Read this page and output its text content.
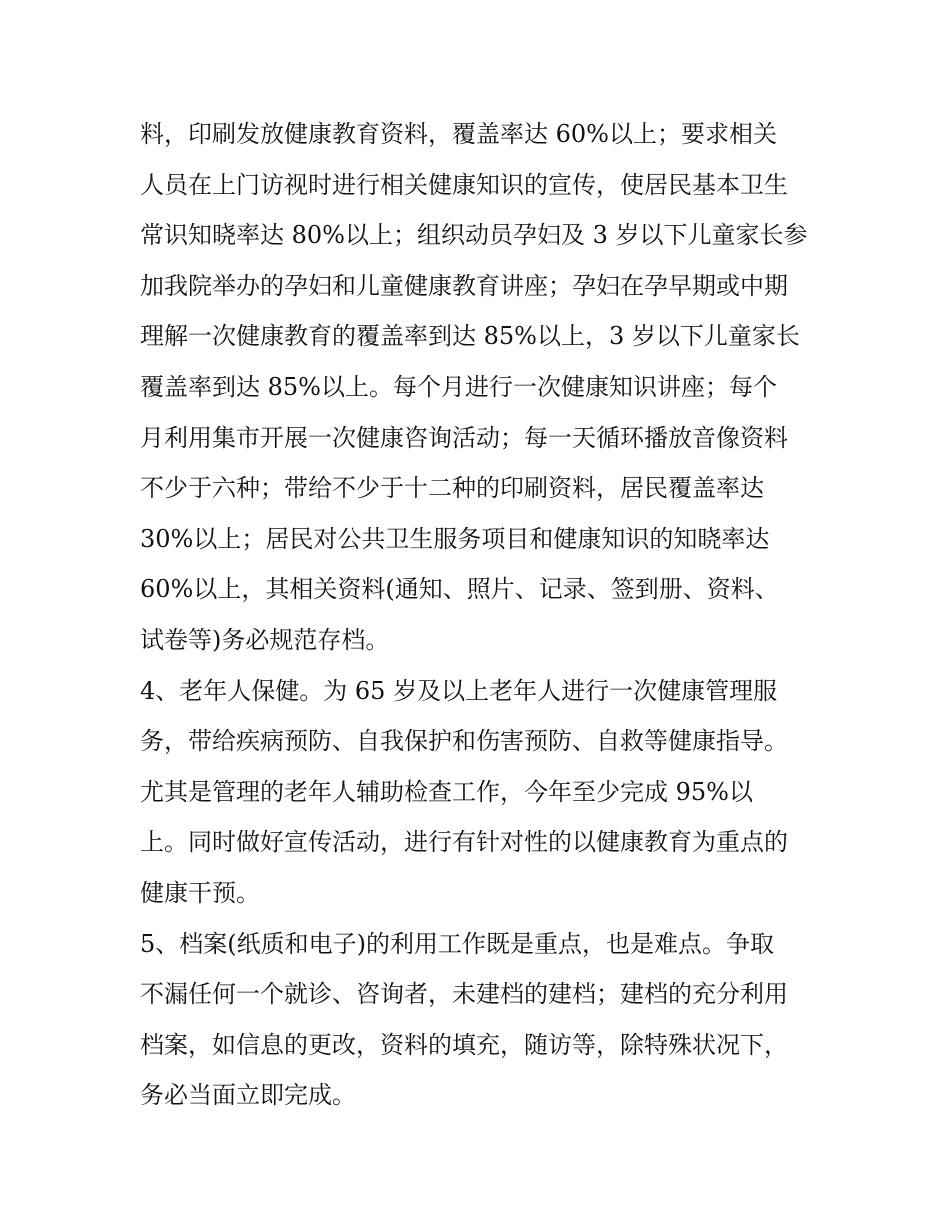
料，印刷发放健康教育资料，覆盖率达 60%以上；要求相关
人员在上门访视时进行相关健康知识的宣传，使居民基本卫生
常识知晓率达 80%以上；组织动员孕妇及 3 岁以下儿童家长参
加我院举办的孕妇和儿童健康教育讲座；孕妇在孕早期或中期
理解一次健康教育的覆盖率到达 85%以上，3 岁以下儿童家长
覆盖率到达 85%以上。每个月进行一次健康知识讲座；每个
月利用集市开展一次健康咨询活动；每一天循环播放音像资料
不少于六种；带给不少于十二种的印刷资料，居民覆盖率达
30%以上；居民对公共卫生服务项目和健康知识的知晓率达
60%以上，其相关资料(通知、照片、记录、签到册、资料、
试卷等)务必规范存档。
4、老年人保健。为 65 岁及以上老年人进行一次健康管理服
务，带给疾病预防、自我保护和伤害预防、自救等健康指导。
尤其是管理的老年人辅助检查工作，今年至少完成 95%以
上。同时做好宣传活动，进行有针对性的以健康教育为重点的
健康干预。
5、档案(纸质和电子)的利用工作既是重点，也是难点。争取
不漏任何一个就诊、咨询者，未建档的建档；建档的充分利用
档案，如信息的更改，资料的填充，随访等，除特殊状况下，
务必当面立即完成。
